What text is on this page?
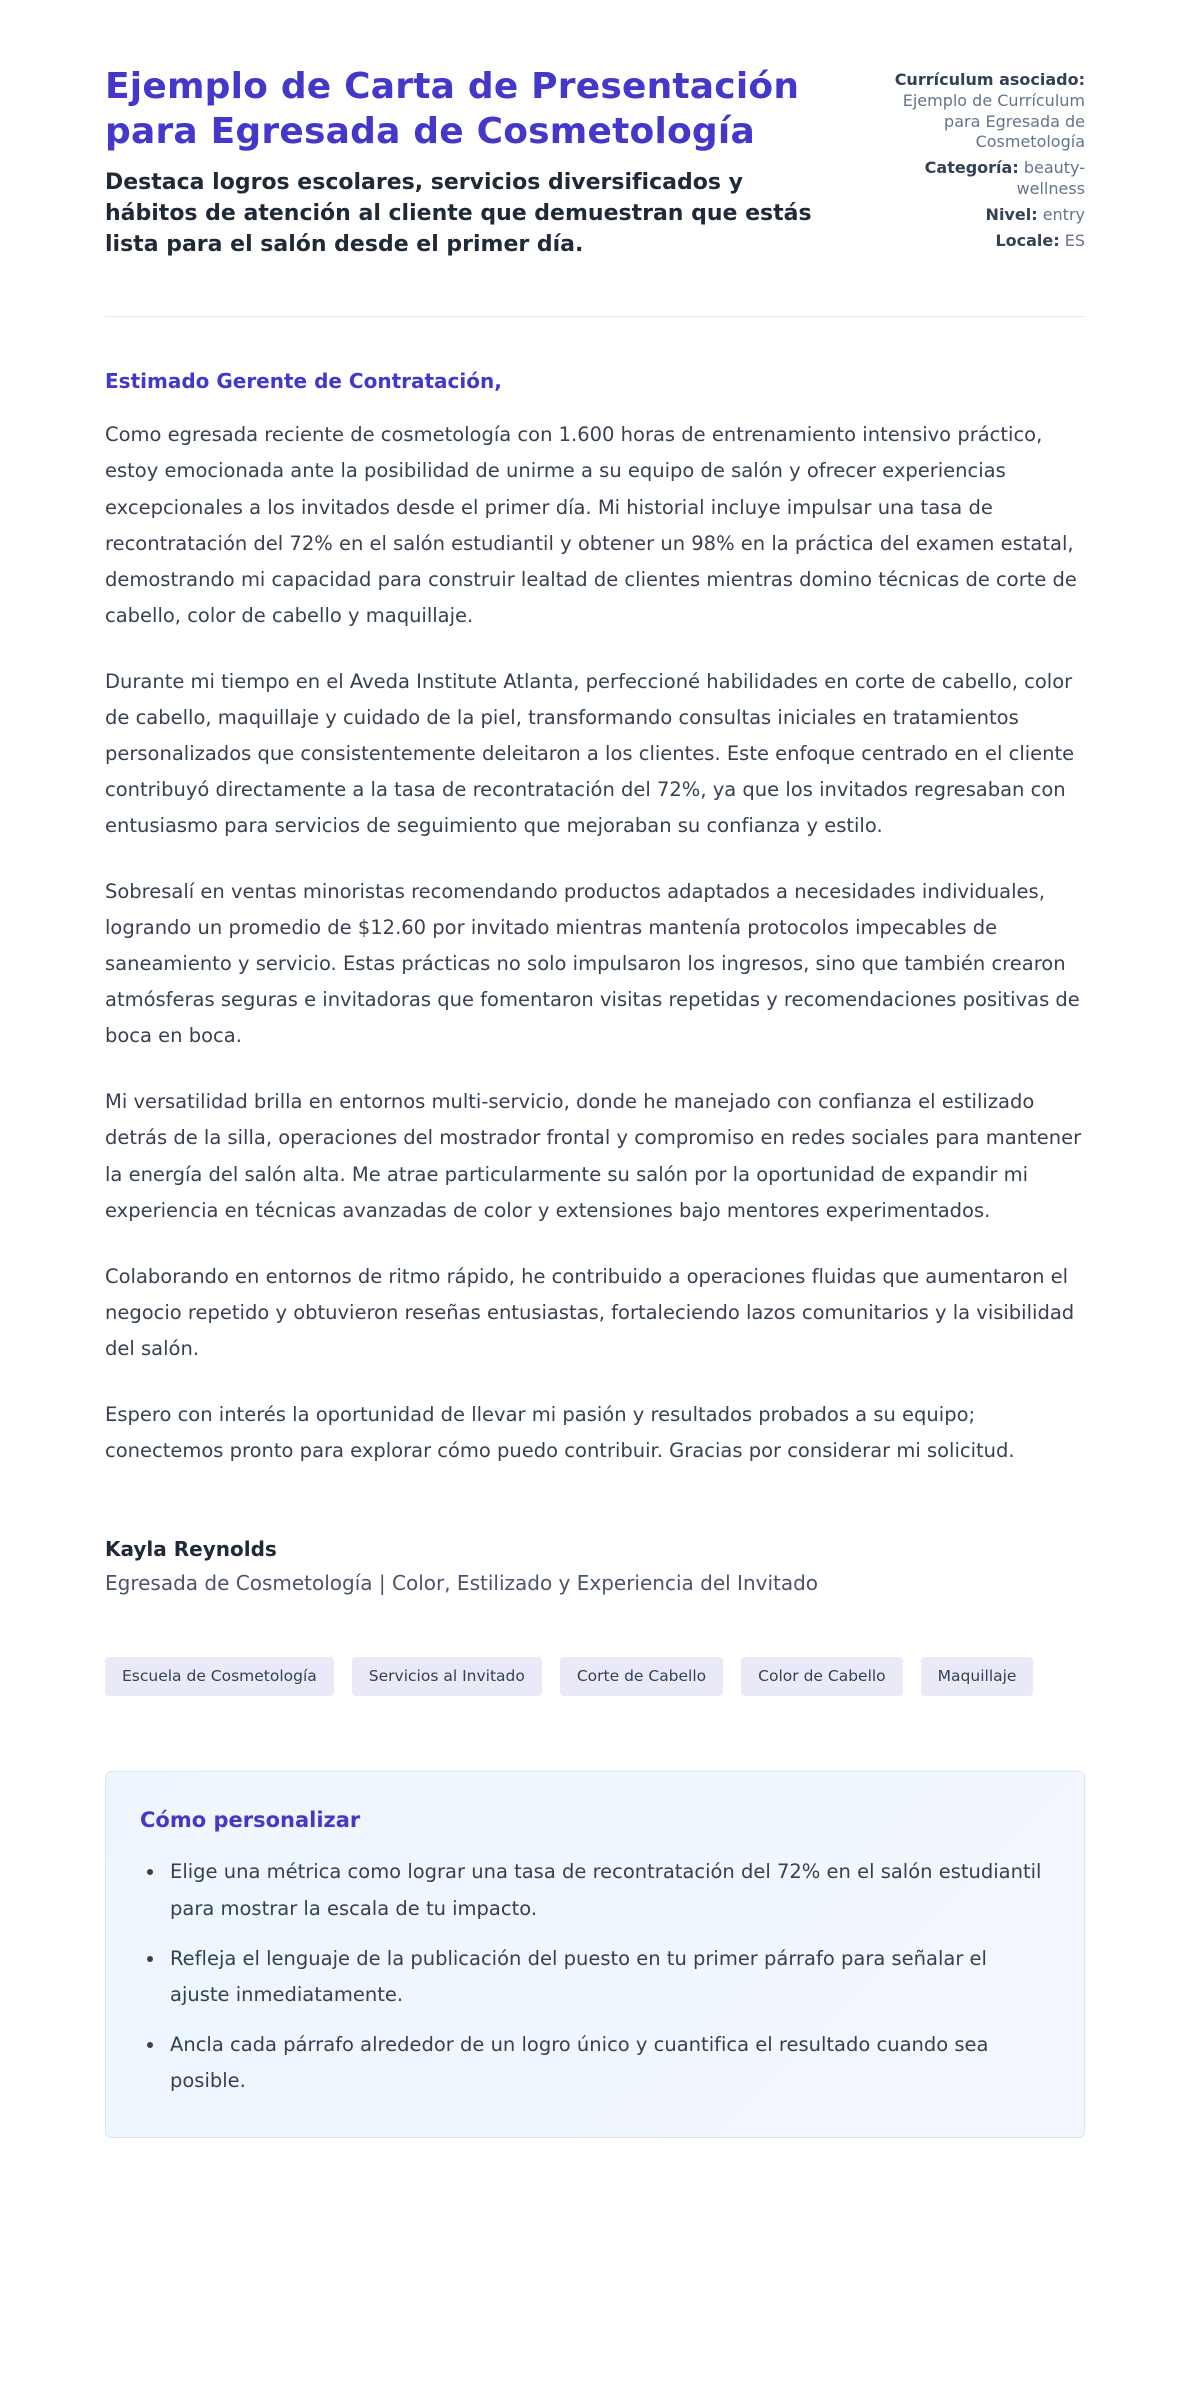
Ejemplo de Carta de Presentación para Egresada de Cosmetología
Destaca logros escolares, servicios diversificados y hábitos de atención al cliente que demuestran que estás lista para el salón desde el primer día.
Currículum asociado: Ejemplo de Currículum para Egresada de Cosmetología
Categoría: beauty-wellness
Nivel: entry
Locale: ES
Estimado Gerente de Contratación,

Como egresada reciente de cosmetología con 1.600 horas de entrenamiento intensivo práctico, estoy emocionada ante la posibilidad de unirme a su equipo de salón y ofrecer experiencias excepcionales a los invitados desde el primer día. Mi historial incluye impulsar una tasa de recontratación del 72% en el salón estudiantil y obtener un 98% en la práctica del examen estatal, demostrando mi capacidad para construir lealtad de clientes mientras domino técnicas de corte de cabello, color de cabello y maquillaje.

Durante mi tiempo en el Aveda Institute Atlanta, perfeccioné habilidades en corte de cabello, color de cabello, maquillaje y cuidado de la piel, transformando consultas iniciales en tratamientos personalizados que consistentemente deleitaron a los clientes. Este enfoque centrado en el cliente contribuyó directamente a la tasa de recontratación del 72%, ya que los invitados regresaban con entusiasmo para servicios de seguimiento que mejoraban su confianza y estilo.

Sobresalí en ventas minoristas recomendando productos adaptados a necesidades individuales, logrando un promedio de $12.60 por invitado mientras mantenía protocolos impecables de saneamiento y servicio. Estas prácticas no solo impulsaron los ingresos, sino que también crearon atmósferas seguras e invitadoras que fomentaron visitas repetidas y recomendaciones positivas de boca en boca.

Mi versatilidad brilla en entornos multi-servicio, donde he manejado con confianza el estilizado detrás de la silla, operaciones del mostrador frontal y compromiso en redes sociales para mantener la energía del salón alta. Me atrae particularmente su salón por la oportunidad de expandir mi experiencia en técnicas avanzadas de color y extensiones bajo mentores experimentados.

Colaborando en entornos de ritmo rápido, he contribuido a operaciones fluidas que aumentaron el negocio repetido y obtuvieron reseñas entusiastas, fortaleciendo lazos comunitarios y la visibilidad del salón.

Espero con interés la oportunidad de llevar mi pasión y resultados probados a su equipo; conectemos pronto para explorar cómo puedo contribuir. Gracias por considerar mi solicitud.

Kayla Reynolds
Egresada de Cosmetología | Color, Estilizado y Experiencia del Invitado
Escuela de Cosmetología	Servicios al Invitado	Corte de Cabello	Color de Cabello	Maquillaje
Cómo personalizar
• Elige una métrica como lograr una tasa de recontratación del 72% en el salón estudiantil para mostrar la escala de tu impacto.
• Refleja el lenguaje de la publicación del puesto en tu primer párrafo para señalar el ajuste inmediatamente.
• Ancla cada párrafo alrededor de un logro único y cuantifica el resultado cuando sea posible.
